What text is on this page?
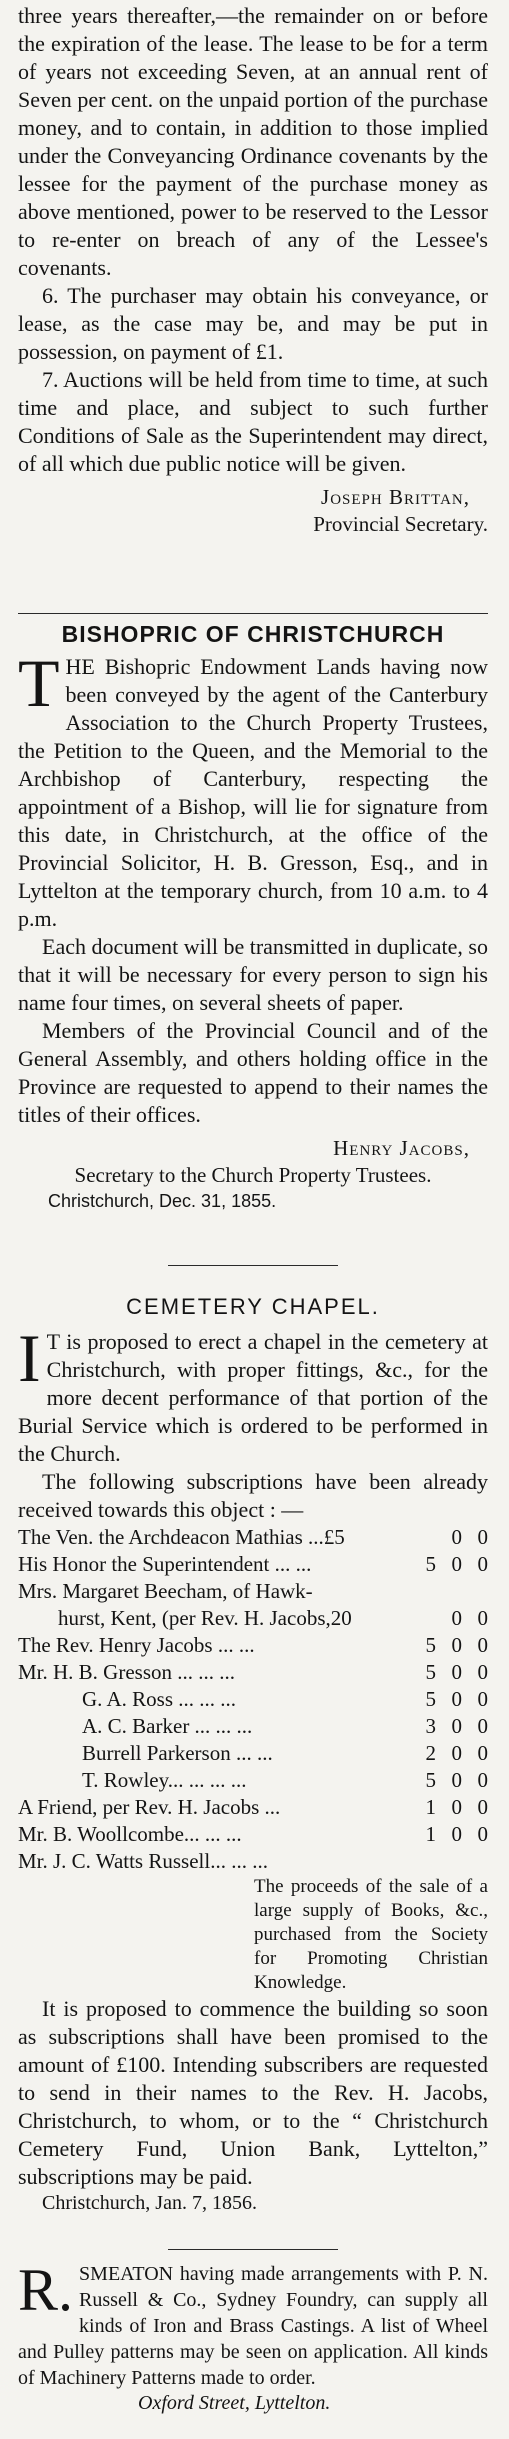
three years thereafter,—the remainder on or before the expiration of the lease. The lease to be for a term of years not exceeding Seven, at an annual rent of Seven per cent. on the unpaid portion of the purchase money, and to contain, in addition to those implied under the Conveyancing Ordinance covenants by the lessee for the payment of the purchase money as above mentioned, power to be reserved to the Lessor to re-enter on breach of any of the Lessee's covenants.

6. The purchaser may obtain his conveyance, or lease, as the case may be, and may be put in possession, on payment of £1.

7. Auctions will be held from time to time, at such time and place, and subject to such further Conditions of Sale as the Superintendent may direct, of all which due public notice will be given.

Joseph Brittan,

Provincial Secretary.

BISHOPRIC OF CHRISTCHURCH

T HE Bishopric Endowment Lands having now been conveyed by the agent of the Canterbury Association to the Church Property Trustees, the Petition to the Queen, and the Memorial to the Archbishop of Canterbury, respecting the appointment of a Bishop, will lie for signature from this date, in Christchurch, at the office of the Provincial Solicitor, H. B. Gresson, Esq., and in Lyttelton at the temporary church, from 10 a.m. to 4 p.m.

Each document will be transmitted in duplicate, so that it will be necessary for every person to sign his name four times, on several sheets of paper.

Members of the Provincial Council and of the General Assembly, and others holding office in the Province are requested to append to their names the titles of their offices.

Henry Jacobs,

Secretary to the Church Property Trustees.

Christchurch, Dec. 31, 1855.

CEMETERY CHAPEL.

I T is proposed to erect a chapel in the cemetery at Christchurch, with proper fittings, &c., for the more decent performance of that portion of the Burial Service which is ordered to be performed in the Church.

The following subscriptions have been already received towards this object : —

The Ven. the Archdeacon Mathias ...£5		0	0
His Honor the Superintendent ... ...	5	0	0
Mrs. Margaret Beecham, of Hawk-			
hurst, Kent, (per Rev. H. Jacobs,20		0	0
The Rev. Henry Jacobs ... ...	5	0	0
Mr. H. B. Gresson ... ... ...	5	0	0
G. A. Ross ... ... ...	5	0	0
A. C. Barker ... ... ...	3	0	0
Burrell Parkerson ... ...	2	0	0
T. Rowley... ... ... ...	5	0	0
A Friend, per Rev. H. Jacobs ...	1	0	0
Mr. B. Woollcombe... ... ...	1	0	0
Mr. J. C. Watts Russell... ... ...			

The proceeds of the sale of a large supply of Books, &c., purchased from the Society for Promoting Christian Knowledge.

It is proposed to commence the building so soon as subscriptions shall have been promised to the amount of £100. Intending subscribers are requested to send in their names to the Rev. H. Jacobs, Christchurch, to whom, or to the “ Christchurch Cemetery Fund, Union Bank, Lyttelton,” subscriptions may be paid.

Christchurch, Jan. 7, 1856.

R. SMEATON having made arrangements with P. N. Russell & Co., Sydney Foundry, can supply all kinds of Iron and Brass Castings. A list of Wheel and Pulley patterns may be seen on application. All kinds of Machinery Patterns made to order.

Oxford Street, Lyttelton.
